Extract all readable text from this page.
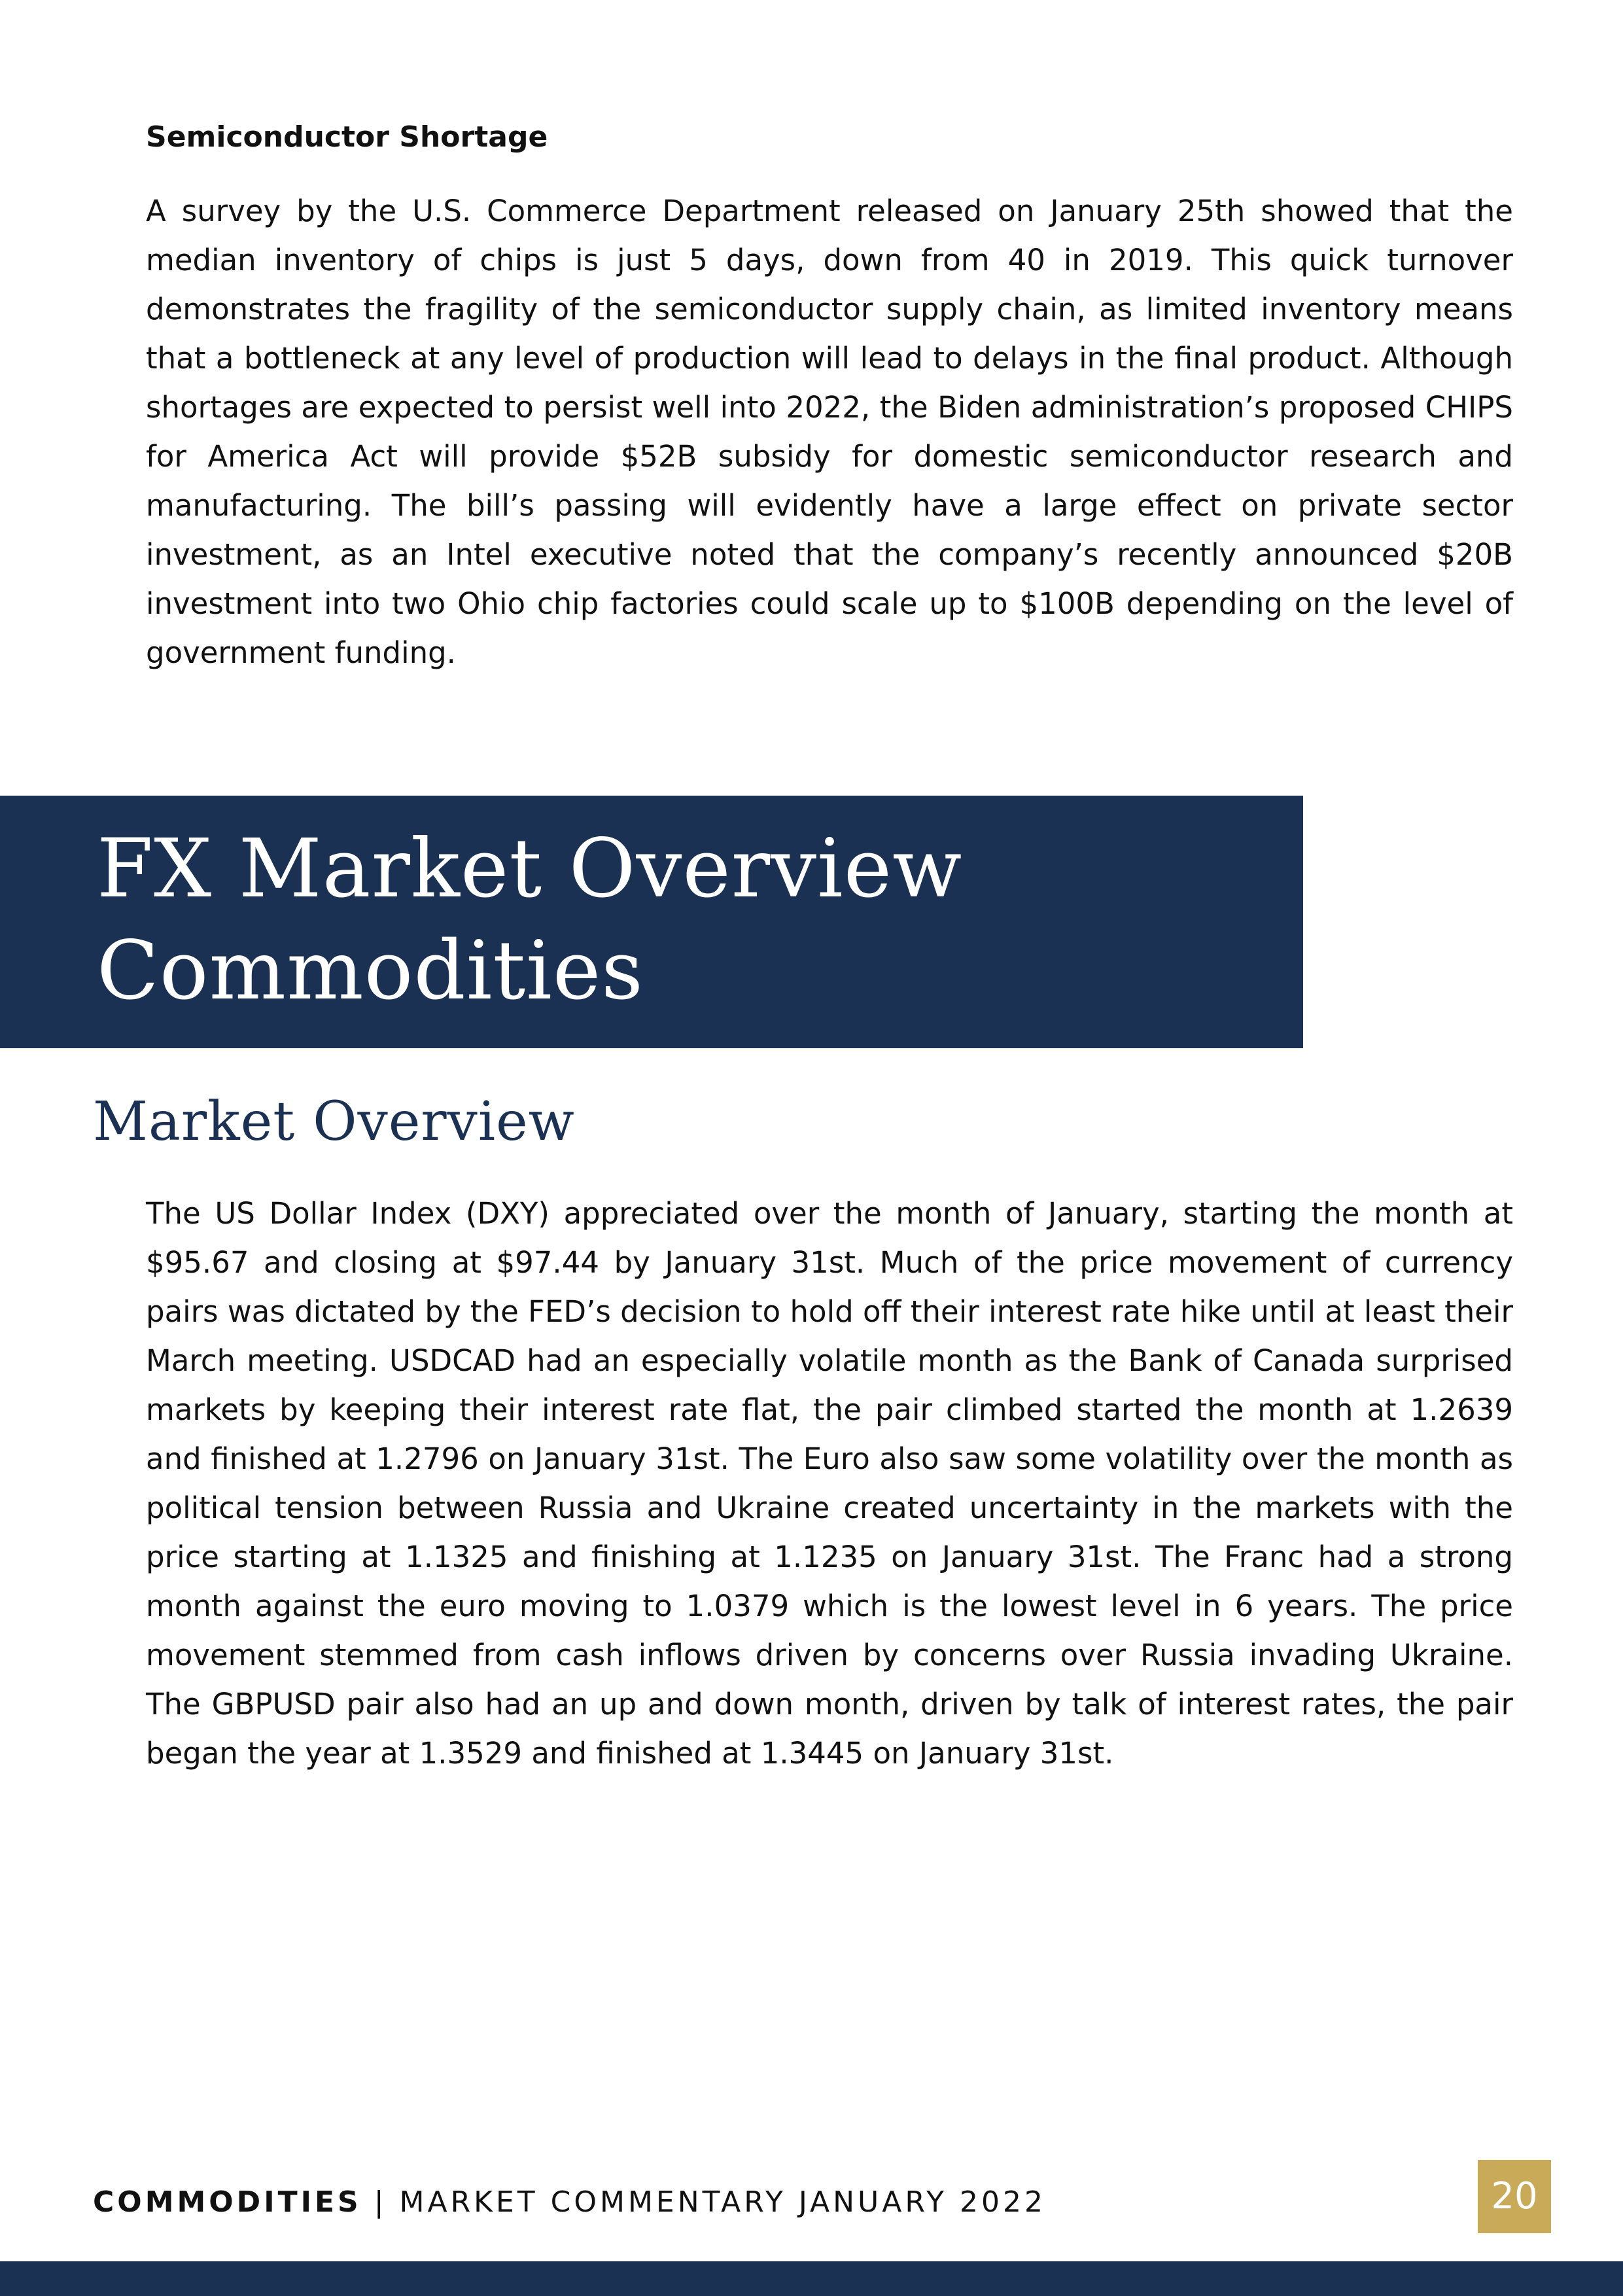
Semiconductor Shortage

A survey by the U.S. Commerce Department released on January 25th showed that the median inventory of chips is just 5 days, down from 40 in 2019. This quick turnover demonstrates the fragility of the semiconductor supply chain, as limited inventory means that a bottleneck at any level of production will lead to delays in the final product. Although shortages are expected to persist well into 2022, the Biden administration’s proposed CHIPS for America Act will provide $52B subsidy for domestic semiconductor research and manufacturing. The bill’s passing will evidently have a large effect on private sector investment, as an Intel executive noted that the company’s recently announced $20B investment into two Ohio chip factories could scale up to $100B depending on the level of government funding.

FX Market Overview
Commodities
Market Overview

The US Dollar Index (DXY) appreciated over the month of January, starting the month at $95.67 and closing at $97.44 by January 31st. Much of the price movement of currency pairs was dictated by the FED’s decision to hold off their interest rate hike until at least their March meeting. USDCAD had an especially volatile month as the Bank of Canada surprised markets by keeping their interest rate flat, the pair climbed started the month at 1.2639 and finished at 1.2796 on January 31st. The Euro also saw some volatility over the month as political tension between Russia and Ukraine created uncertainty in the markets with the price starting at 1.1325 and finishing at 1.1235 on January 31st. The Franc had a strong month against the euro moving to 1.0379 which is the lowest level in 6 years. The price movement stemmed from cash inflows driven by concerns over Russia invading Ukraine. The GBPUSD pair also had an up and down month, driven by talk of interest rates, the pair began the year at 1.3529 and finished at 1.3445 on January 31st.

COMMODITIES | MARKET COMMENTARY JANUARY 2022	20
